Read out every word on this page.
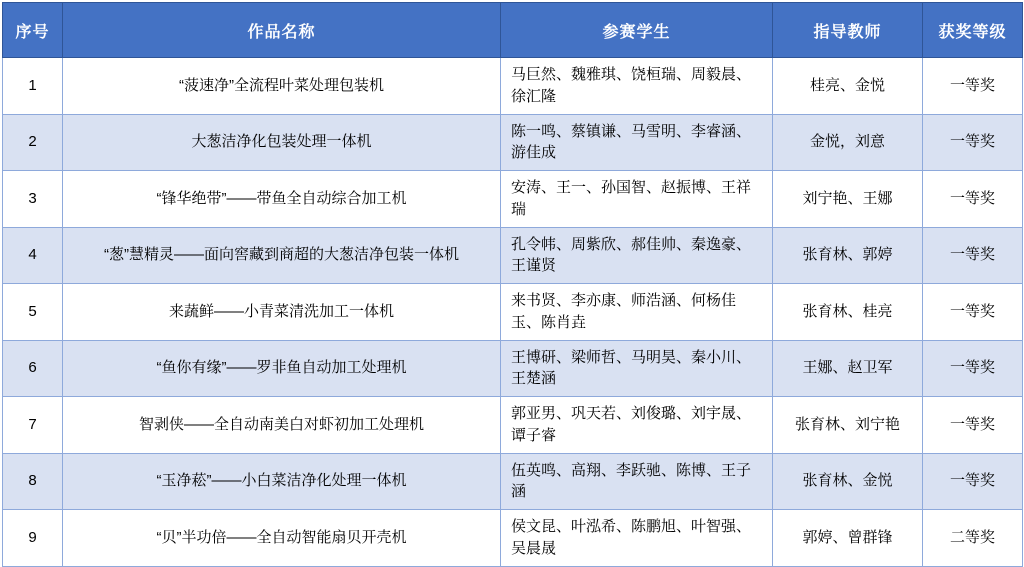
序号	作品名称	参赛学生	指导教师	获奖等级
1	“菠速净”全流程叶菜处理包装机	马巨然、魏雅琪、饶桓瑞、周毅晨、徐汇隆	桂亮、金悦	一等奖
2	大葱洁净化包装处理一体机	陈一鸣、蔡镇谦、马雪明、李睿涵、游佳成	金悦，刘意	一等奖
3	“锋华绝带”——带鱼全自动综合加工机	安涛、王一、孙国智、赵振博、王祥瑞	刘宁艳、王娜	一等奖
4	“葱”慧精灵——面向窖藏到商超的大葱洁净包装一体机	孔令帏、周紫欣、郝佳帅、秦逸豪、王谨贤	张育林、郭婷	一等奖
5	来蔬鲜——小青菜清洗加工一体机	来书贤、李亦康、师浩涵、何杨佳玉、陈肖垚	张育林、桂亮	一等奖
6	“鱼你有缘”——罗非鱼自动加工处理机	王博研、梁师哲、马明昊、秦小川、王楚涵	王娜、赵卫军	一等奖
7	智剥侠——全自动南美白对虾初加工处理机	郭亚男、巩天若、刘俊璐、刘宇晟、谭子睿	张育林、刘宁艳	一等奖
8	“玉净菘”——小白菜洁净化处理一体机	伍英鸣、高翔、李跃驰、陈博、王子涵	张育林、金悦	一等奖
9	“贝”半功倍——全自动智能扇贝开壳机	侯文昆、叶泓希、陈鹏旭、叶智强、吴晨晟	郭婷、曾群锋	二等奖
